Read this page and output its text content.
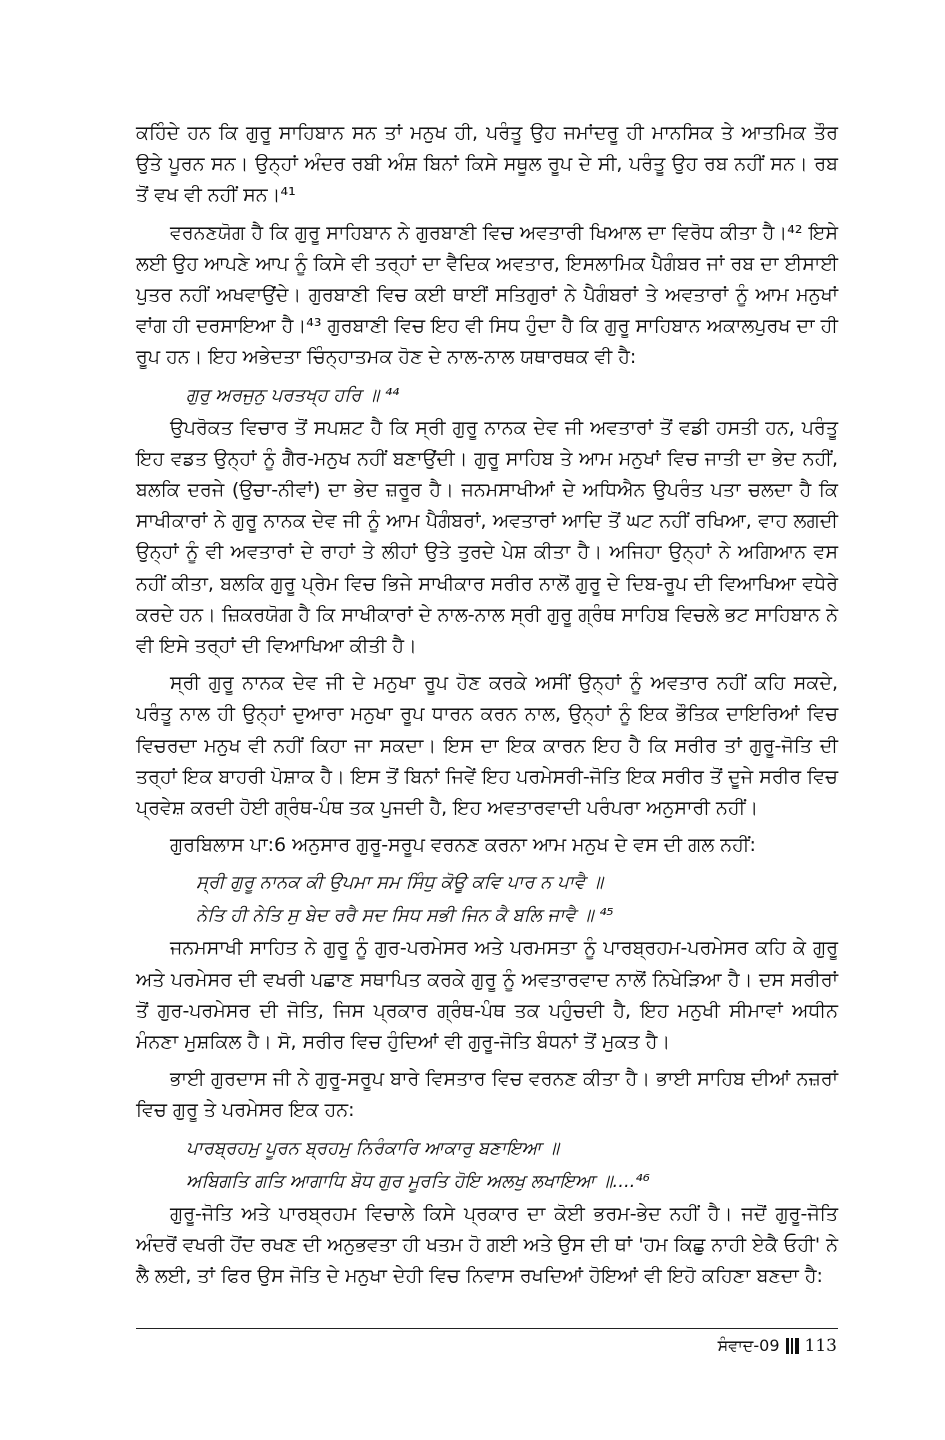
ਕਹਿੰਦੇ ਹਨ ਕਿ ਗੁਰੂ ਸਾਹਿਬਾਨ ਸਨ ਤਾਂ ਮਨੁਖ ਹੀ, ਪਰੰਤੂ ਉਹ ਜਮਾਂਦਰੂ ਹੀ ਮਾਨਸਿਕ ਤੇ ਆਤਮਿਕ ਤੌਰ ਉਤੇ ਪੂਰਨ ਸਨ। ਉਨ੍ਹਾਂ ਅੰਦਰ ਰਬੀ ਅੰਸ਼ ਬਿਨਾਂ ਕਿਸੇ ਸਥੂਲ ਰੂਪ ਦੇ ਸੀ, ਪਰੰਤੂ ਉਹ ਰਬ ਨਹੀਂ ਸਨ। ਰਬ ਤੋਂ ਵਖ ਵੀ ਨਹੀਂ ਸਨ।⁴¹

ਵਰਨਣਯੋਗ ਹੈ ਕਿ ਗੁਰੂ ਸਾਹਿਬਾਨ ਨੇ ਗੁਰਬਾਣੀ ਵਿਚ ਅਵਤਾਰੀ ਖਿਆਲ ਦਾ ਵਿਰੋਧ ਕੀਤਾ ਹੈ।⁴² ਇਸੇ ਲਈ ਉਹ ਆਪਣੇ ਆਪ ਨੂੰ ਕਿਸੇ ਵੀ ਤਰ੍ਹਾਂ ਦਾ ਵੈਦਿਕ ਅਵਤਾਰ, ਇਸਲਾਮਿਕ ਪੈਗੰਬਰ ਜਾਂ ਰਬ ਦਾ ਈਸਾਈ ਪੁਤਰ ਨਹੀਂ ਅਖਵਾਉਂਦੇ। ਗੁਰਬਾਣੀ ਵਿਚ ਕਈ ਥਾਈਂ ਸਤਿਗੁਰਾਂ ਨੇ ਪੈਗੰਬਰਾਂ ਤੇ ਅਵਤਾਰਾਂ ਨੂੰ ਆਮ ਮਨੁਖਾਂ ਵਾਂਗ ਹੀ ਦਰਸਾਇਆ ਹੈ।⁴³ ਗੁਰਬਾਣੀ ਵਿਚ ਇਹ ਵੀ ਸਿਧ ਹੁੰਦਾ ਹੈ ਕਿ ਗੁਰੂ ਸਾਹਿਬਾਨ ਅਕਾਲਪੁਰਖ ਦਾ ਹੀ ਰੂਪ ਹਨ। ਇਹ ਅਭੇਦਤਾ ਚਿੰਨ੍ਹਾਤਮਕ ਹੋਣ ਦੇ ਨਾਲ-ਨਾਲ ਯਥਾਰਥਕ ਵੀ ਹੈ:

ਗੁਰੁ ਅਰਜੁਨੁ ਪਰਤਖ੍ਹ ਹਰਿ ॥ ⁴⁴

ਉਪਰੋਕਤ ਵਿਚਾਰ ਤੋਂ ਸਪਸ਼ਟ ਹੈ ਕਿ ਸ੍ਰੀ ਗੁਰੂ ਨਾਨਕ ਦੇਵ ਜੀ ਅਵਤਾਰਾਂ ਤੋਂ ਵਡੀ ਹਸਤੀ ਹਨ, ਪਰੰਤੂ ਇਹ ਵਡਤ ਉਨ੍ਹਾਂ ਨੂੰ ਗੈਰ-ਮਨੁਖ ਨਹੀਂ ਬਣਾਉਂਦੀ। ਗੁਰੂ ਸਾਹਿਬ ਤੇ ਆਮ ਮਨੁਖਾਂ ਵਿਚ ਜਾਤੀ ਦਾ ਭੇਦ ਨਹੀਂ, ਬਲਕਿ ਦਰਜੇ (ਉਚਾ-ਨੀਵਾਂ) ਦਾ ਭੇਦ ਜ਼ਰੂਰ ਹੈ। ਜਨਮਸਾਖੀਆਂ ਦੇ ਅਧਿਐਨ ਉਪਰੰਤ ਪਤਾ ਚਲਦਾ ਹੈ ਕਿ ਸਾਖੀਕਾਰਾਂ ਨੇ ਗੁਰੂ ਨਾਨਕ ਦੇਵ ਜੀ ਨੂੰ ਆਮ ਪੈਗੰਬਰਾਂ, ਅਵਤਾਰਾਂ ਆਦਿ ਤੋਂ ਘਟ ਨਹੀਂ ਰਖਿਆ, ਵਾਹ ਲਗਦੀ ਉਨ੍ਹਾਂ ਨੂੰ ਵੀ ਅਵਤਾਰਾਂ ਦੇ ਰਾਹਾਂ ਤੇ ਲੀਹਾਂ ਉਤੇ ਤੁਰਦੇ ਪੇਸ਼ ਕੀਤਾ ਹੈ। ਅਜਿਹਾ ਉਨ੍ਹਾਂ ਨੇ ਅਗਿਆਨ ਵਸ ਨਹੀਂ ਕੀਤਾ, ਬਲਕਿ ਗੁਰੂ ਪ੍ਰੇਮ ਵਿਚ ਭਿਜੇ ਸਾਖੀਕਾਰ ਸਰੀਰ ਨਾਲੋਂ ਗੁਰੂ ਦੇ ਦਿਬ-ਰੂਪ ਦੀ ਵਿਆਖਿਆ ਵਧੇਰੇ ਕਰਦੇ ਹਨ। ਜ਼ਿਕਰਯੋਗ ਹੈ ਕਿ ਸਾਖੀਕਾਰਾਂ ਦੇ ਨਾਲ-ਨਾਲ ਸ੍ਰੀ ਗੁਰੂ ਗ੍ਰੰਥ ਸਾਹਿਬ ਵਿਚਲੇ ਭਟ ਸਾਹਿਬਾਨ ਨੇ ਵੀ ਇਸੇ ਤਰ੍ਹਾਂ ਦੀ ਵਿਆਖਿਆ ਕੀਤੀ ਹੈ।

ਸ੍ਰੀ ਗੁਰੂ ਨਾਨਕ ਦੇਵ ਜੀ ਦੇ ਮਨੁਖਾ ਰੂਪ ਹੋਣ ਕਰਕੇ ਅਸੀਂ ਉਨ੍ਹਾਂ ਨੂੰ ਅਵਤਾਰ ਨਹੀਂ ਕਹਿ ਸਕਦੇ, ਪਰੰਤੂ ਨਾਲ ਹੀ ਉਨ੍ਹਾਂ ਦੁਆਰਾ ਮਨੁਖਾ ਰੂਪ ਧਾਰਨ ਕਰਨ ਨਾਲ, ਉਨ੍ਹਾਂ ਨੂੰ ਇਕ ਭੌਤਿਕ ਦਾਇਰਿਆਂ ਵਿਚ ਵਿਚਰਦਾ ਮਨੁਖ ਵੀ ਨਹੀਂ ਕਿਹਾ ਜਾ ਸਕਦਾ। ਇਸ ਦਾ ਇਕ ਕਾਰਨ ਇਹ ਹੈ ਕਿ ਸਰੀਰ ਤਾਂ ਗੁਰੂ-ਜੋਤਿ ਦੀ ਤਰ੍ਹਾਂ ਇਕ ਬਾਹਰੀ ਪੋਸ਼ਾਕ ਹੈ। ਇਸ ਤੋਂ ਬਿਨਾਂ ਜਿਵੇਂ ਇਹ ਪਰਮੇਸਰੀ-ਜੋਤਿ ਇਕ ਸਰੀਰ ਤੋਂ ਦੂਜੇ ਸਰੀਰ ਵਿਚ ਪ੍ਰਵੇਸ਼ ਕਰਦੀ ਹੋਈ ਗ੍ਰੰਥ-ਪੰਥ ਤਕ ਪੁਜਦੀ ਹੈ, ਇਹ ਅਵਤਾਰਵਾਦੀ ਪਰੰਪਰਾ ਅਨੁਸਾਰੀ ਨਹੀਂ।

ਗੁਰਬਿਲਾਸ ਪਾ:6 ਅਨੁਸਾਰ ਗੁਰੂ-ਸਰੂਪ ਵਰਨਣ ਕਰਨਾ ਆਮ ਮਨੁਖ ਦੇ ਵਸ ਦੀ ਗਲ ਨਹੀਂ:

ਸ੍ਰੀ ਗੁਰੂ ਨਾਨਕ ਕੀ ਉਪਮਾ ਸਮ ਸਿੰਧੁ ਕੋਊ ਕਵਿ ਪਾਰ ਨ ਪਾਵੈ ॥

ਨੇਤਿ ਹੀ ਨੇਤਿ ਸੁ ਬੇਦ ਰਰੈ ਸਦ ਸਿਧ ਸਭੀ ਜਿਨ ਕੈ ਬਲਿ ਜਾਵੈ ॥ ⁴⁵

ਜਨਮਸਾਖੀ ਸਾਹਿਤ ਨੇ ਗੁਰੂ ਨੂੰ ਗੁਰ-ਪਰਮੇਸਰ ਅਤੇ ਪਰਮਸਤਾ ਨੂੰ ਪਾਰਬ੍ਰਹਮ-ਪਰਮੇਸਰ ਕਹਿ ਕੇ ਗੁਰੂ ਅਤੇ ਪਰਮੇਸਰ ਦੀ ਵਖਰੀ ਪਛਾਣ ਸਥਾਪਿਤ ਕਰਕੇ ਗੁਰੂ ਨੂੰ ਅਵਤਾਰਵਾਦ ਨਾਲੋਂ ਨਿਖੇੜਿਆ ਹੈ। ਦਸ ਸਰੀਰਾਂ ਤੋਂ ਗੁਰ-ਪਰਮੇਸਰ ਦੀ ਜੋਤਿ, ਜਿਸ ਪ੍ਰਕਾਰ ਗ੍ਰੰਥ-ਪੰਥ ਤਕ ਪਹੁੰਚਦੀ ਹੈ, ਇਹ ਮਨੁਖੀ ਸੀਮਾਵਾਂ ਅਧੀਨ ਮੰਨਣਾ ਮੁਸ਼ਕਿਲ ਹੈ। ਸੋ, ਸਰੀਰ ਵਿਚ ਹੁੰਦਿਆਂ ਵੀ ਗੁਰੂ-ਜੋਤਿ ਬੰਧਨਾਂ ਤੋਂ ਮੁਕਤ ਹੈ।

ਭਾਈ ਗੁਰਦਾਸ ਜੀ ਨੇ ਗੁਰੂ-ਸਰੂਪ ਬਾਰੇ ਵਿਸਤਾਰ ਵਿਚ ਵਰਨਣ ਕੀਤਾ ਹੈ। ਭਾਈ ਸਾਹਿਬ ਦੀਆਂ ਨਜ਼ਰਾਂ ਵਿਚ ਗੁਰੂ ਤੇ ਪਰਮੇਸਰ ਇਕ ਹਨ:

ਪਾਰਬ੍ਰਹਮੁ ਪੂਰਨ ਬ੍ਰਹਮੁ ਨਿਰੰਕਾਰਿ ਆਕਾਰੁ ਬਣਾਇਆ ॥

ਅਬਿਗਤਿ ਗਤਿ ਆਗਾਧਿ ਬੋਧ ਗੁਰ ਮੂਰਤਿ ਹੋਇ ਅਲਖੁ ਲਖਾਇਆ ॥....⁴⁶

ਗੁਰੂ-ਜੋਤਿ ਅਤੇ ਪਾਰਬ੍ਰਹਮ ਵਿਚਾਲੇ ਕਿਸੇ ਪ੍ਰਕਾਰ ਦਾ ਕੋਈ ਭਰਮ-ਭੇਦ ਨਹੀਂ ਹੈ। ਜਦੋਂ ਗੁਰੂ-ਜੋਤਿ ਅੰਦਰੋਂ ਵਖਰੀ ਹੋਂਦ ਰਖਣ ਦੀ ਅਨੁਭਵਤਾ ਹੀ ਖਤਮ ਹੋ ਗਈ ਅਤੇ ਉਸ ਦੀ ਥਾਂ 'ਹਮ ਕਿਛੁ ਨਾਹੀ ਏਕੈ ਓਹੀ' ਨੇ ਲੈ ਲਈ, ਤਾਂ ਫਿਰ ਉਸ ਜੋਤਿ ਦੇ ਮਨੁਖਾ ਦੇਹੀ ਵਿਚ ਨਿਵਾਸ ਰਖਦਿਆਂ ਹੋਇਆਂ ਵੀ ਇਹੋ ਕਹਿਣਾ ਬਣਦਾ ਹੈ:

ਸੰਵਾਦ-09 113
